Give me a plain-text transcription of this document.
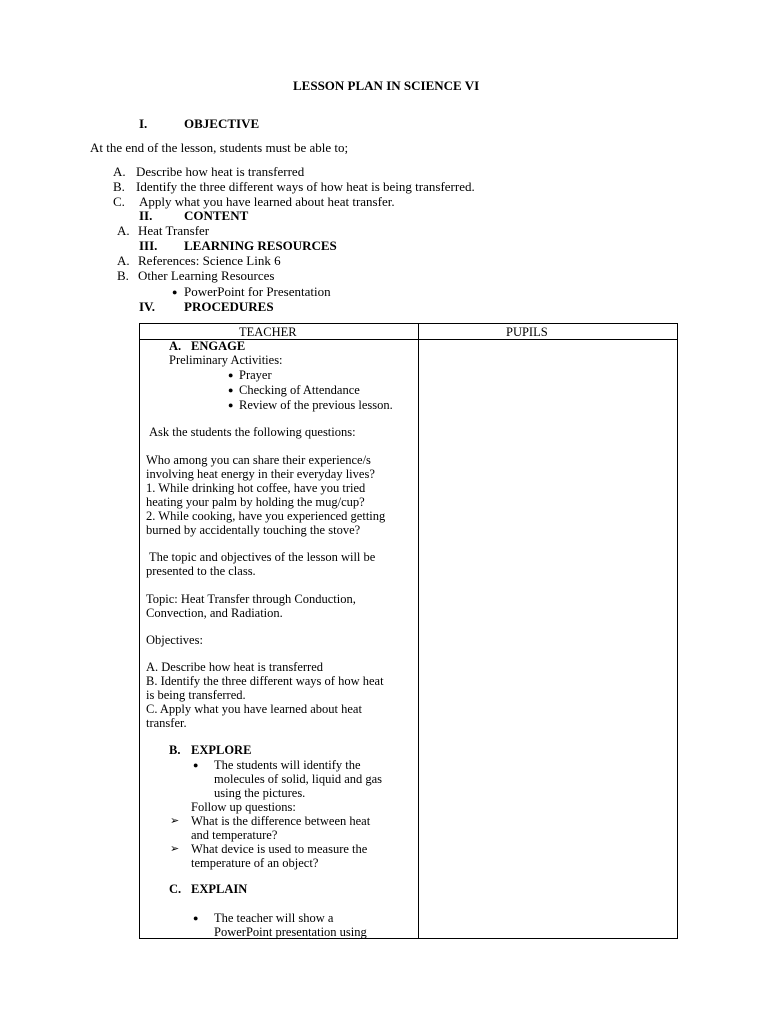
LESSON PLAN IN SCIENCE VI
I.	OBJECTIVE
At the end of the lesson, students must be able to;
A. Describe how heat is transferred
B. Identify the three different ways of how heat is being transferred.
C. Apply what you have learned about heat transfer.
II. CONTENT
A. Heat Transfer
III. LEARNING RESOURCES
A. References: Science Link 6
B. Other Learning Resources
● PowerPoint for Presentation
IV. PROCEDURES
TEACHER	PUPILS
A. ENGAGE
Preliminary Activities:
● Prayer
● Checking of Attendance
● Review of the previous lesson.
Ask the students the following questions:
Who among you can share their experience/s
involving heat energy in their everyday lives?
1. While drinking hot coffee, have you tried
heating your palm by holding the mug/cup?
2. While cooking, have you experienced getting
burned by accidentally touching the stove?
The topic and objectives of the lesson will be
presented to the class.
Topic: Heat Transfer through Conduction,
Convection, and Radiation.
Objectives:
A. Describe how heat is transferred
B. Identify the three different ways of how heat
is being transferred.
C. Apply what you have learned about heat
transfer.
B. EXPLORE
● The students will identify the
molecules of solid, liquid and gas
using the pictures.
Follow up questions:
➢ What is the difference between heat
and temperature?
➢ What device is used to measure the
temperature of an object?
C. EXPLAIN
● The teacher will show a
PowerPoint presentation using
